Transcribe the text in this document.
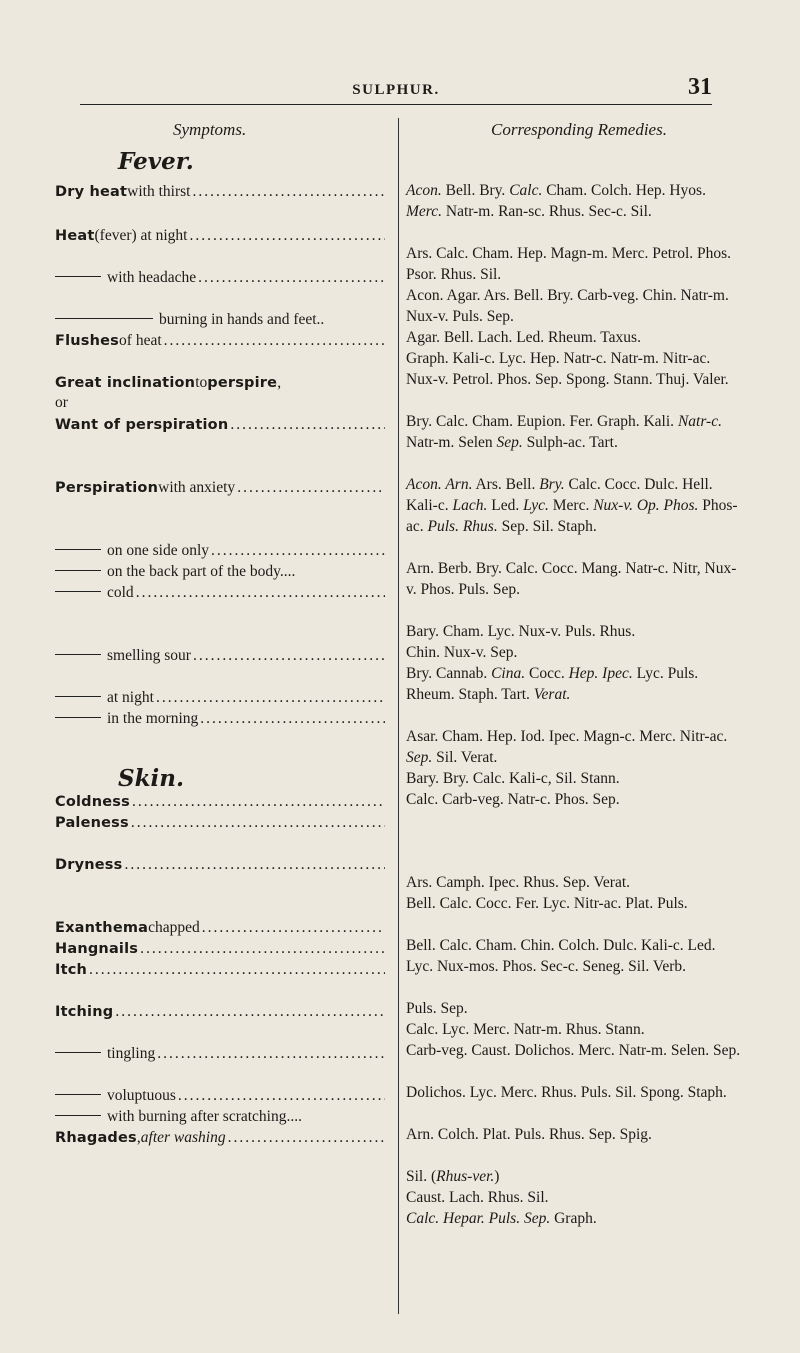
SULPHUR.	31
Symptoms.	Corresponding Remedies.
Fever.
Skin.
Dry heat with thirst
.....
Heat (fever) at night
.....
with headache
.....
burning in hands and feet..
Flushes of heat
.....
Great inclination to perspire ,
or
Want of perspiration
.....
Perspiration with anxiety
.....
on one side only
.....
on the back part of the body....
cold
.....
smelling sour
.....
at night
.....
in the morning
.....
Coldness
.....
Paleness
.....
Dryness
.....
Exanthema chapped
.....
Hangnails
.....
Itch
.....
Itching
.....
tingling
.....
voluptuous
.....
with burning after scratching....
Rhagades , after washing
.....
Acon. Bell. Bry. Calc. Cham. Colch. Hep. Hyos. Merc. Natr-m. Ran-sc. Rhus. Sec-c. Sil.
Ars. Calc. Cham. Hep. Magn-m. Merc. Petrol. Phos. Psor. Rhus. Sil.
Acon. Agar. Ars. Bell. Bry. Carb-veg. Chin. Natr-m. Nux-v. Puls. Sep.
Agar. Bell. Lach. Led. Rheum. Taxus.
Graph. Kali-c. Lyc. Hep. Natr-c. Natr-m. Nitr-ac. Nux-v. Petrol. Phos. Sep. Spong. Stann. Thuj. Valer.
Bry. Calc. Cham. Eupion. Fer. Graph. Kali. Natr-c. Natr-m. Selen Sep. Sulph-ac. Tart.
Acon. Arn. Ars. Bell. Bry. Calc. Cocc. Dulc. Hell. Kali-c. Lach. Led. Lyc. Merc. Nux-v. Op. Phos. Phos-ac. Puls. Rhus. Sep. Sil. Staph.
Arn. Berb. Bry. Calc. Cocc. Mang. Natr-c. Nitr, Nux-v. Phos. Puls. Sep.
Bary. Cham. Lyc. Nux-v. Puls. Rhus.
Chin. Nux-v. Sep.
Bry. Cannab. Cina. Cocc. Hep. Ipec. Lyc. Puls. Rheum. Staph. Tart. Verat.
Asar. Cham. Hep. Iod. Ipec. Magn-c. Merc. Nitr-ac. Sep. Sil. Verat.
Bary. Bry. Calc. Kali-c, Sil. Stann.
Calc. Carb-veg. Natr-c. Phos. Sep.
Ars. Camph. Ipec. Rhus. Sep. Verat.
Bell. Calc. Cocc. Fer. Lyc. Nitr-ac. Plat. Puls.
Bell. Calc. Cham. Chin. Colch. Dulc. Kali-c. Led. Lyc. Nux-mos. Phos. Sec-c. Seneg. Sil. Verb.
Puls. Sep.
Calc. Lyc. Merc. Natr-m. Rhus. Stann.
Carb-veg. Caust. Dolichos. Merc. Natr-m. Selen. Sep.
Dolichos. Lyc. Merc. Rhus. Puls. Sil. Spong. Staph.
Arn. Colch. Plat. Puls. Rhus. Sep. Spig.
Sil. (Rhus-ver.)
Caust. Lach. Rhus. Sil.
Calc. Hepar. Puls. Sep. Graph.
